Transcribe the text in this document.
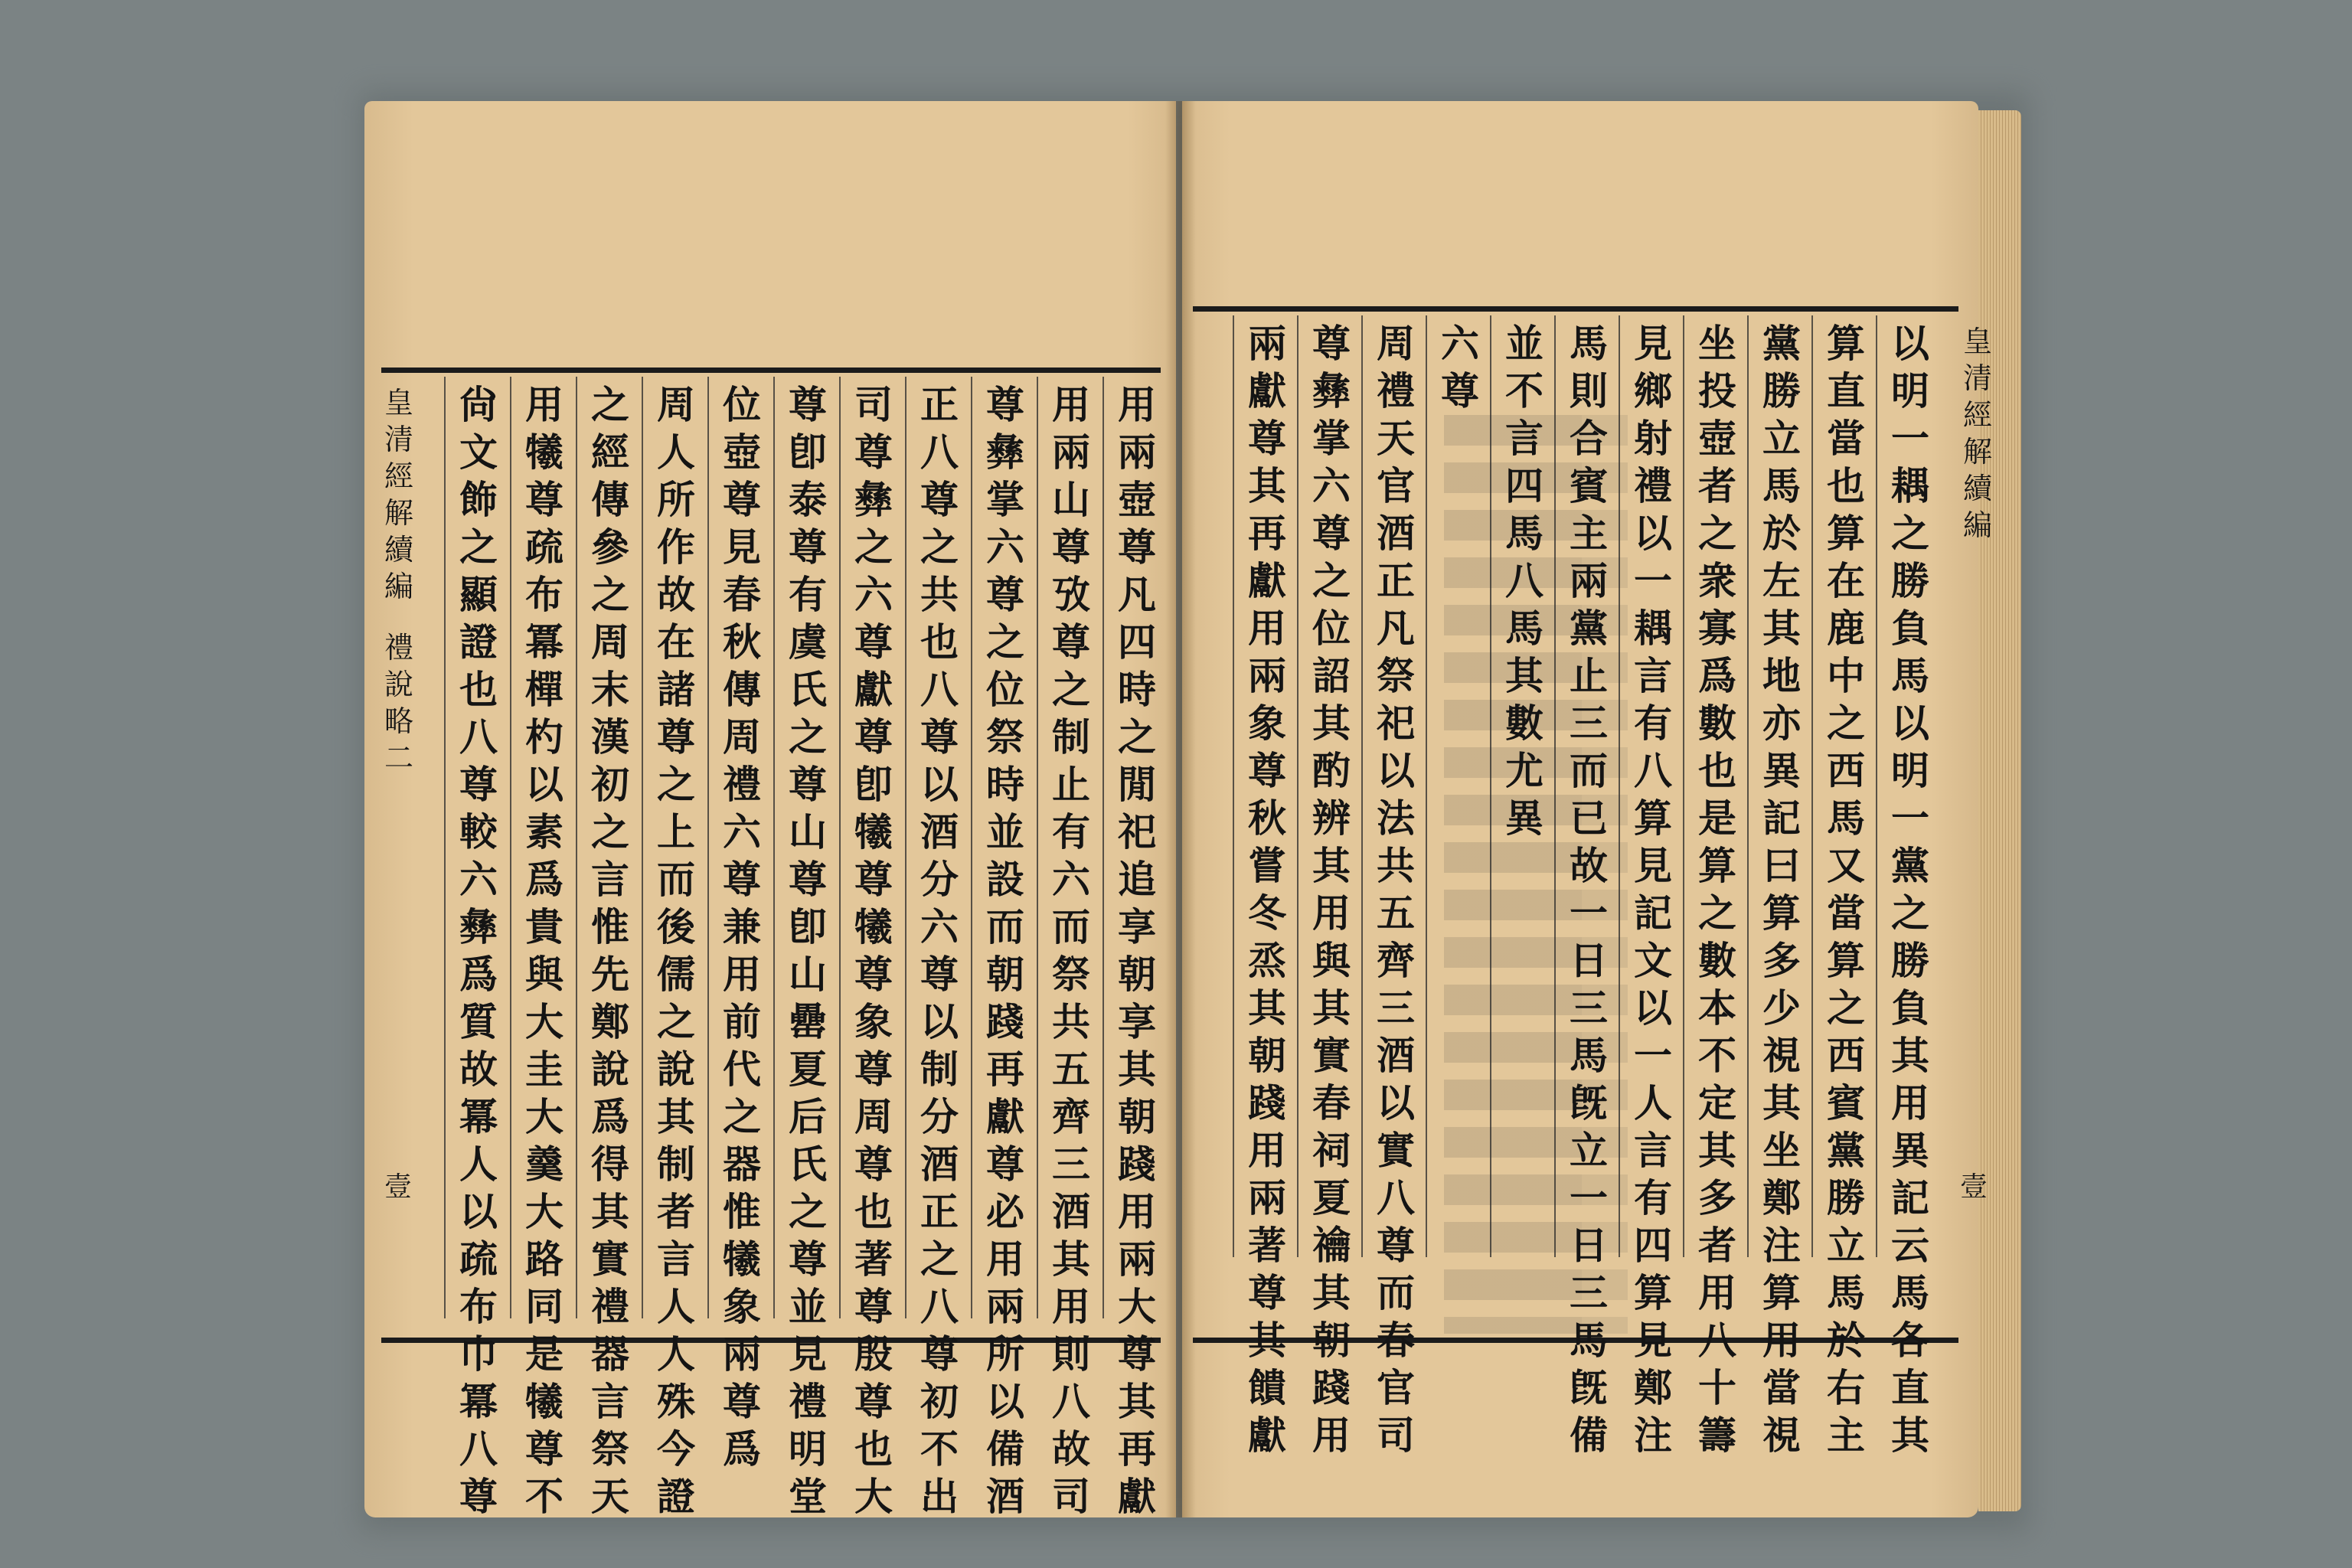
皇
清
經
解
續
編
禮
說
略
二
壹
皇
清
經
解
續
編
壹
用
兩
壺
尊
凡
四
時
之
閒
祀
追
享
朝
享
其
朝
踐
用
兩
大
尊
其
再
獻
用
兩
山
尊
攷
尊
之
制
止
有
六
而
祭
共
五
齊
三
酒
其
用
則
八
故
司
尊
彝
掌
六
尊
之
位
祭
時
並
設
而
朝
踐
再
獻
尊
必
用
兩
所
以
備
酒
正
八
尊
之
共
也
八
尊
以
酒
分
六
尊
以
制
分
酒
正
之
八
尊
初
不
出
司
尊
彝
之
六
尊
獻
尊
卽
犧
尊
犧
尊
象
尊
周
尊
也
著
尊
殷
尊
也
大
尊
卽
泰
尊
有
虞
氏
之
尊
山
尊
卽
山
罍
夏
后
氏
之
尊
並
見
禮
明
堂
位
壺
尊
見
春
秋
傳
周
禮
六
尊
兼
用
前
代
之
器
惟
犧
象
兩
尊
爲
周
人
所
作
故
在
諸
尊
之
上
而
後
儒
之
說
其
制
者
言
人
人
殊
今
證
之
經
傳
參
之
周
末
漢
初
之
言
惟
先
鄭
說
爲
得
其
實
禮
器
言
祭
天
用
犧
尊
疏
布
冪
樿
杓
以
素
爲
貴
與
大
圭
大
羹
大
路
同
是
犧
尊
不
尙
文
飾
之
顯
證
也
八
尊
較
六
彝
爲
質
故
冪
人
以
疏
布
巾
冪
八
尊
以
明
一
耦
之
勝
負
馬
以
明
一
黨
之
勝
負
其
用
異
記
云
馬
各
直
其
算
直
當
也
算
在
鹿
中
之
西
馬
又
當
算
之
西
賓
黨
勝
立
馬
於
右
主
黨
勝
立
馬
於
左
其
地
亦
異
記
曰
算
多
少
視
其
坐
鄭
注
算
用
當
視
坐
投
壺
者
之
衆
寡
爲
數
也
是
算
之
數
本
不
定
其
多
者
用
八
十
籌
見
鄉
射
禮
以
一
耦
言
有
八
算
見
記
文
以
一
人
言
有
四
算
見
鄭
注
馬
則
合
賓
主
兩
黨
止
三
而
已
故
一
日
三
馬
旣
立
一
日
三
馬
旣
備
並
不
言
四
馬
八
馬
其
數
尤
異
六
尊
周
禮
天
官
酒
正
凡
祭
祀
以
法
共
五
齊
三
酒
以
實
八
尊
而
春
官
司
尊
彝
掌
六
尊
之
位
詔
其
酌
辨
其
用
與
其
實
春
祠
夏
禴
其
朝
踐
用
兩
獻
尊
其
再
獻
用
兩
象
尊
秋
嘗
冬
烝
其
朝
踐
用
兩
著
尊
其
饋
獻
